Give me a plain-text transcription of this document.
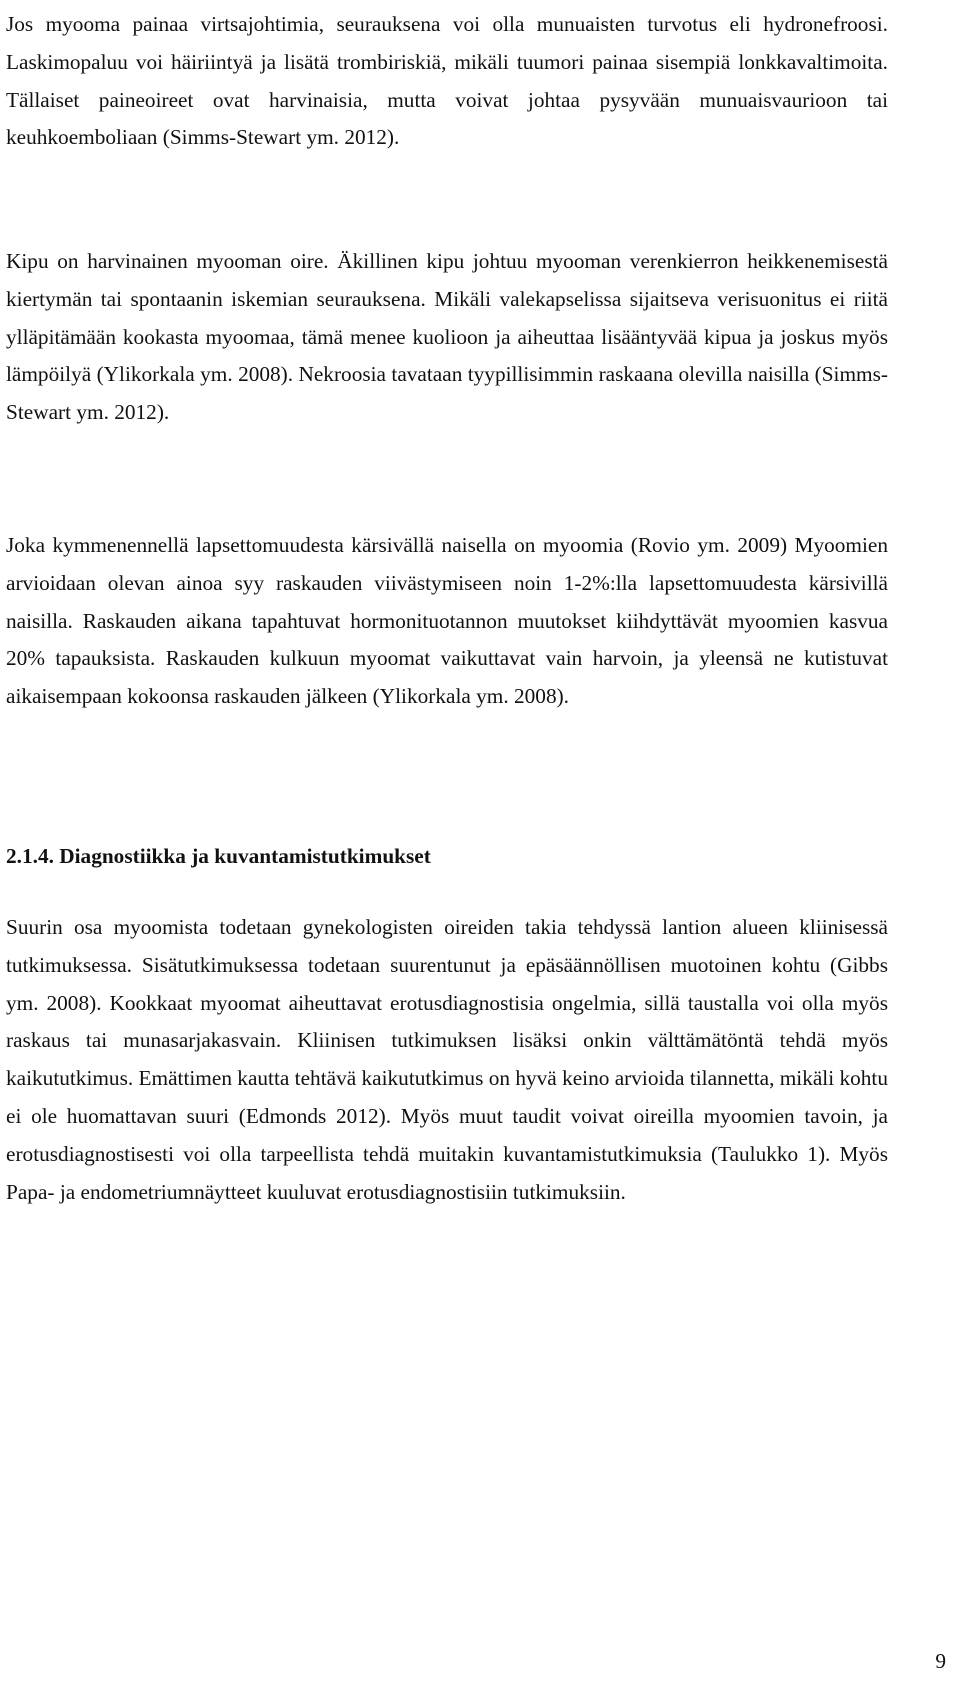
Jos myooma painaa virtsajohtimia, seurauksena voi olla munuaisten turvotus eli hydronefroosi. Laskimopaluu voi häiriintyä ja lisätä trombiriskiä, mikäli tuumori painaa sisempiä lonkkavaltimoita. Tällaiset paineoireet ovat harvinaisia, mutta voivat johtaa pysyvään munuaisvaurioon tai keuhkoemboliaan (Simms-Stewart ym. 2012).

Kipu on harvinainen myooman oire. Äkillinen kipu johtuu myooman verenkierron heikkenemisestä kiertymän tai spontaanin iskemian seurauksena. Mikäli valekapselissa sijaitseva verisuonitus ei riitä ylläpitämään kookasta myoomaa, tämä menee kuolioon ja aiheuttaa lisääntyvää kipua ja joskus myös lämpöilyä (Ylikorkala ym. 2008). Nekroosia tavataan tyypillisimmin raskaana olevilla naisilla (Simms-Stewart ym. 2012).

Joka kymmenennellä lapsettomuudesta kärsivällä naisella on myoomia (Rovio ym. 2009) Myoomien arvioidaan olevan ainoa syy raskauden viivästymiseen noin 1-2%:lla lapsettomuudesta kärsivillä naisilla. Raskauden aikana tapahtuvat hormonituotannon muutokset kiihdyttävät myoomien kasvua 20% tapauksista. Raskauden kulkuun myoomat vaikuttavat vain harvoin, ja yleensä ne kutistuvat aikaisempaan kokoonsa raskauden jälkeen (Ylikorkala ym. 2008).

2.1.4. Diagnostiikka ja kuvantamistutkimukset

Suurin osa myoomista todetaan gynekologisten oireiden takia tehdyssä lantion alueen kliinisessä tutkimuksessa. Sisätutkimuksessa todetaan suurentunut ja epäsäännöllisen muotoinen kohtu (Gibbs ym. 2008). Kookkaat myoomat aiheuttavat erotusdiagnostisia ongelmia, sillä taustalla voi olla myös raskaus tai munasarjakasvain. Kliinisen tutkimuksen lisäksi onkin välttämätöntä tehdä myös kaikututkimus. Emättimen kautta tehtävä kaikututkimus on hyvä keino arvioida tilannetta, mikäli kohtu ei ole huomattavan suuri (Edmonds 2012). Myös muut taudit voivat oireilla myoomien tavoin, ja erotusdiagnostisesti voi olla tarpeellista tehdä muitakin kuvantamistutkimuksia (Taulukko 1). Myös Papa- ja endometriumnäytteet kuuluvat erotusdiagnostisiin tutkimuksiin.

9
